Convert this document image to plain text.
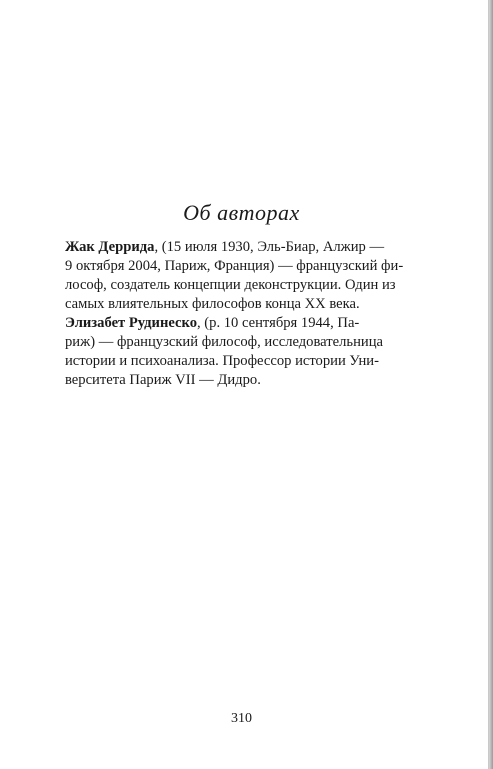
Об авторах

Жак Деррида, (15 июля 1930, Эль-Биар, Алжир —
9 октября 2004, Париж, Франция) — французский фи-
лософ, создатель концепции деконструкции. Один из
самых влиятельных философов конца XX века.

Элизабет Рудинеско, (р. 10 сентября 1944, Па-
риж) — французский философ, исследовательница
истории и психоанализа. Профессор истории Уни-
верситета Париж VII — Дидро.

310
